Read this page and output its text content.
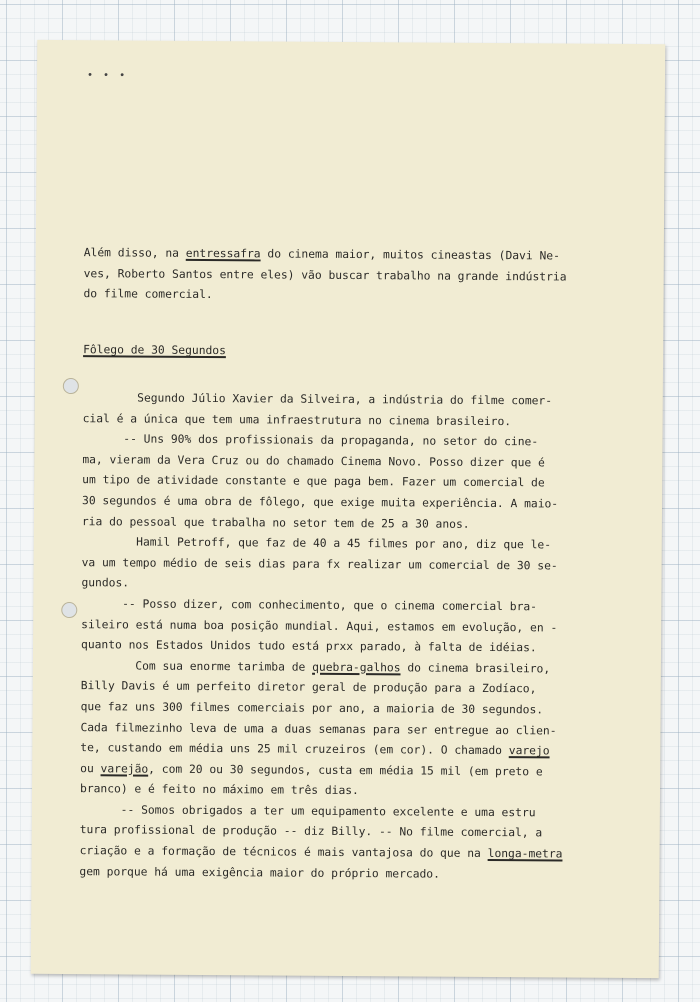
• • •
Além disso, na entressafra do cinema maior, muitos cineastas (Davi Ne-
ves, Roberto Santos entre eles) vão buscar trabalho na grande indústria
do filme comercial.
Fôlego de 30 Segundos
Segundo Júlio Xavier da Silveira, a indústria do filme comer-
cial é a única que tem uma infraestrutura no cinema brasileiro.
-- Uns 90% dos profissionais da propaganda, no setor do cine-
ma, vieram da Vera Cruz ou do chamado Cinema Novo. Posso dizer que é
um tipo de atividade constante e que paga bem. Fazer um comercial de
30 segundos é uma obra de fôlego, que exige muita experiência. A maio-
ria do pessoal que trabalha no setor tem de 25 a 30 anos.
Hamil Petroff, que faz de 40 a 45 filmes por ano, diz que le-
va um tempo médio de seis dias para fx realizar um comercial de 30 se-
gundos.
-- Posso dizer, com conhecimento, que o cinema comercial bra-
sileiro está numa boa posição mundial. Aqui, estamos em evolução, en -
quanto nos Estados Unidos tudo está prxx parado, à falta de idéias.
Com sua enorme tarimba de quebra-galhos do cinema brasileiro,
Billy Davis é um perfeito diretor geral de produção para a Zodíaco,
que faz uns 300 filmes comerciais por ano, a maioria de 30 segundos.
Cada filmezinho leva de uma a duas semanas para ser entregue ao clien-
te, custando em média uns 25 mil cruzeiros (em cor). O chamado varejo
ou varejão, com 20 ou 30 segundos, custa em média 15 mil (em preto e
branco) e é feito no máximo em três dias.
-- Somos obrigados a ter um equipamento excelente e uma estru
tura profissional de produção -- diz Billy. -- No filme comercial, a
criação e a formação de técnicos é mais vantajosa do que na longa-metra
gem porque há uma exigência maior do próprio mercado.
